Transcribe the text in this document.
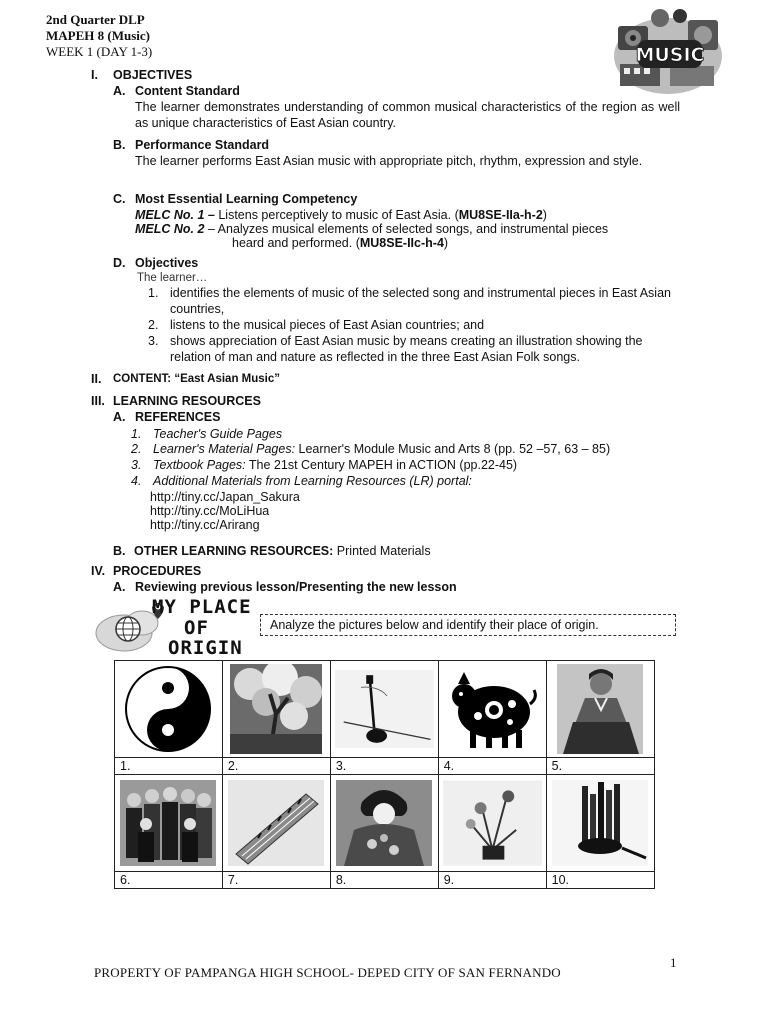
2nd Quarter DLP
MAPEH 8 (Music)
WEEK 1 (DAY 1-3)	MUSIC
I. OBJECTIVES
A. Content Standard
The learner demonstrates understanding of common musical characteristics of the region as well as unique characteristics of East Asian country.
B. Performance Standard
The learner performs East Asian music with appropriate pitch, rhythm, expression and style.
C. Most Essential Learning Competency
MELC No. 1 – Listens perceptively to music of East Asia. (MU8SE-IIa-h-2)
MELC No. 2 – Analyzes musical elements of selected songs, and instrumental pieces
heard and performed. (MU8SE-IIc-h-4)
D. Objectives
The learner…
1. identifies the elements of music of the selected song and instrumental pieces in East Asian countries,
2. listens to the musical pieces of East Asian countries; and
3. shows appreciation of East Asian music by means creating an illustration showing the relation of man and nature as reflected in the three East Asian Folk songs.
II. CONTENT: “East Asian Music”
III. LEARNING RESOURCES
A. REFERENCES
1. Teacher's Guide Pages
2. Learner's Material Pages: Learner's Module Music and Arts 8 (pp. 52 –57, 63 – 85)
3. Textbook Pages: The 21st Century MAPEH in ACTION (pp.22-45)
4. Additional Materials from Learning Resources (LR) portal:
http://tiny.cc/Japan_Sakura
http://tiny.cc/MoLiHua
http://tiny.cc/Arirang
B. OTHER LEARNING RESOURCES: Printed Materials
IV. PROCEDURES
A. Reviewing previous lesson/Presenting the new lesson
MY PLACE
OF
ORIGIN
Analyze the pictures below and identify their place of origin.

1.	2.	3.	4.	5.

6.	7.	8.	9.	10.
1
PROPERTY OF PAMPANGA HIGH SCHOOL- DEPED CITY OF SAN FERNANDO
